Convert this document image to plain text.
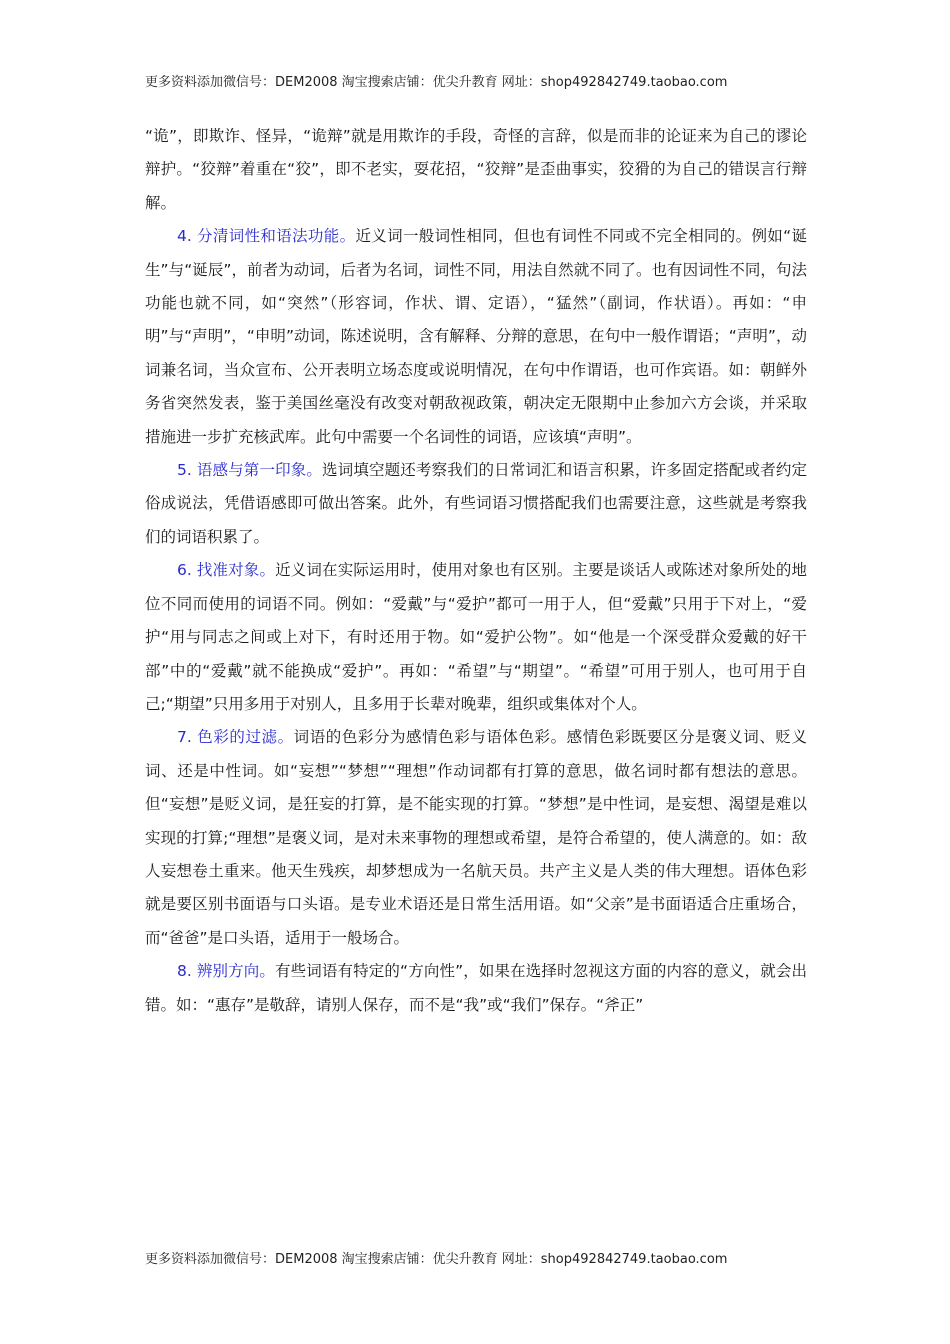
更多资料添加微信号：DEM2008 淘宝搜索店铺：优尖升教育 网址：shop492842749.taobao.com

“诡”，即欺诈、怪异，“诡辩”就是用欺诈的手段，奇怪的言辞，似是而非的论证来为自己的谬论辩护。“狡辩”着重在“狡”，即不老实，耍花招，“狡辩”是歪曲事实，狡猾的为自己的错误言行辩解。

4. 分清词性和语法功能。近义词一般词性相同，但也有词性不同或不完全相同的。例如“诞生”与“诞辰”，前者为动词，后者为名词，词性不同，用法自然就不同了。也有因词性不同，句法功能也就不同，如“突然”（形容词，作状、谓、定语），“猛然”（副词，作状语）。再如：“申明”与“声明”，“申明”动词，陈述说明，含有解释、分辩的意思，在句中一般作谓语；“声明”，动词兼名词，当众宣布、公开表明立场态度或说明情况，在句中作谓语，也可作宾语。如：朝鲜外务省突然发表，鉴于美国丝毫没有改变对朝敌视政策，朝决定无限期中止参加六方会谈，并采取措施进一步扩充核武库。此句中需要一个名词性的词语，应该填“声明”。

5. 语感与第一印象。选词填空题还考察我们的日常词汇和语言积累，许多固定搭配或者约定俗成说法，凭借语感即可做出答案。此外，有些词语习惯搭配我们也需要注意，这些就是考察我们的词语积累了。

6. 找准对象。近义词在实际运用时，使用对象也有区别。主要是谈话人或陈述对象所处的地位不同而使用的词语不同。例如：“爱戴”与“爱护”都可一用于人，但“爱戴”只用于下对上，“爱护“用与同志之间或上对下，有时还用于物。如“爱护公物”。如“他是一个深受群众爱戴的好干部”中的“爱戴”就不能换成“爱护”。再如：“希望”与“期望”。“希望”可用于别人，也可用于自己;“期望”只用多用于对别人，且多用于长辈对晚辈，组织或集体对个人。

7. 色彩的过滤。词语的色彩分为感情色彩与语体色彩。感情色彩既要区分是褒义词、贬义词、还是中性词。如“妄想”“梦想”“理想”作动词都有打算的意思，做名词时都有想法的意思。但“妄想”是贬义词，是狂妄的打算，是不能实现的打算。“梦想”是中性词，是妄想、渴望是难以实现的打算;“理想”是褒义词，是对未来事物的理想或希望，是符合希望的，使人满意的。如：敌人妄想卷土重来。他天生残疾，却梦想成为一名航天员。共产主义是人类的伟大理想。语体色彩就是要区别书面语与口头语。是专业术语还是日常生活用语。如“父亲”是书面语适合庄重场合，而“爸爸”是口头语，适用于一般场合。

8. 辨别方向。有些词语有特定的“方向性”，如果在选择时忽视这方面的内容的意义，就会出错。如：“惠存”是敬辞，请别人保存，而不是“我”或“我们”保存。“斧正”

更多资料添加微信号：DEM2008 淘宝搜索店铺：优尖升教育 网址：shop492842749.taobao.com
